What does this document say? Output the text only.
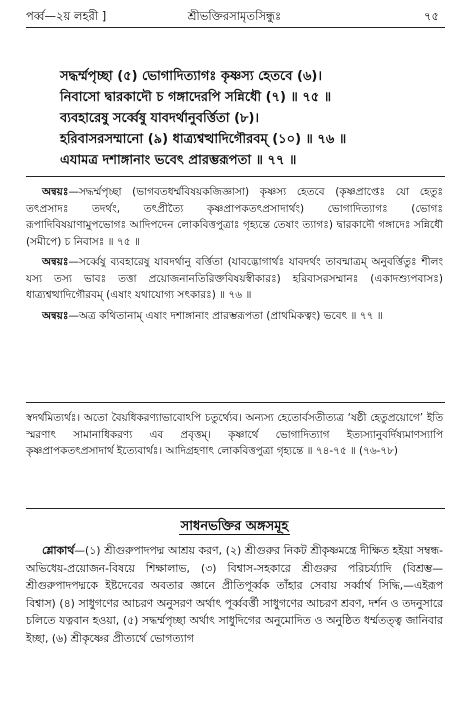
পর্ব্ব—২য় লহরী ]	শ্রীভক্তিরসামৃতসিন্ধুঃ	৭৫
সদ্ধর্ম্মপৃচ্ছা (৫) ভোগাদিত্যাগঃ কৃষ্ণস্য হেতবে (৬)।
নিবাসো দ্বারকাদৌ চ গঙ্গাদেরপি সন্নিধৌ (৭) ॥ ৭৫ ॥
ব্যবহারেষু সর্ব্বেষু যাবদর্থানুবর্ত্তিতা (৮)।
হরিবাসরসম্মানো (৯) ধাত্র্যশ্বত্থাদিগৌরবম্ (১০) ॥ ৭৬ ॥
এযামত্র দশাঙ্গানাং ভবেৎ প্রারম্ভরূপতা ॥ ৭৭ ॥

অন্বয়ঃ—সদ্ধর্ম্মপৃচ্ছা (ভাগবতধর্ম্মবিষয়কজিজ্ঞাসা) কৃষ্ণস্য হেতবে (কৃষ্ণপ্রাপ্তেঃ যো হেতুঃ তৎপ্রসাদঃ তদর্থং, তৎপ্রীত্যৈ কৃষ্ণপ্রাপকতৎপ্রসাদার্থং) ভোগাদিত্যাগঃ (ভোগঃ রূপাদিবিষয়াণামুপভোগঃ আদিপদেন লোকবিত্তপুত্রাঃ গৃহ্যন্তে তেষাং ত্যাগঃ) দ্বারকাদৌ গঙ্গাদেঃ সন্নিধৌ (সমীপে) চ নিবাসঃ ॥ ৭৫ ॥

অন্বয়ঃ—সর্ব্বেষু ব্যবহারেষু যাবদর্থানু বর্ত্তিতা (যাবদ্ভোগার্থঃ যাবদর্থং তাবন্মাত্রম্ অনুবর্ত্তিতুঃ শীলং যস্য তস্য ভাবঃ তত্তা প্রয়োজনানতিরিক্তবিষয়স্বীকারঃ) হরিবাসরসম্মানঃ (একাদশ্যুপবাসঃ) ধাত্র্যশ্বত্থাদিগৌরবম্ (এষাং যথাযোগ্য সৎকারঃ) ॥ ৭৬ ॥

অন্বয়ঃ—অত্র কথিতানাম্ এষাং দশাঙ্গানাং প্রারম্ভরূপতা (প্রাথমিকত্বং) ভবেৎ ॥ ৭৭ ॥

স্বদর্থমিত্যর্থঃ। অতো বৈয়ধিকরণ্যাভাবোঽপি চতুর্থ্যেব। অন্যস্য হেতোর্বসতীত্যত্র ‘ষষ্ঠী হেতুপ্রয়োগে’ ইতি স্মরণাৎ সামানাধিকরণ্য এব প্রবৃত্তম্। কৃষ্ণার্থে ভোগাদিত্যাগ ইত্যস্যানুবৰ্দিষ্যমাণস্যাপি কৃষ্ণপ্রাপকতৎপ্রসাদার্থ ইত্যেবার্থঃ। আদিগ্রহণাৎ লোকবিত্তপুত্রা গৃহ্যন্তে ॥ ৭৪-৭৫ ॥ (৭৬-৭৮)

সাধনভক্তির অঙ্গসমূহ
শ্লোকার্থ—(১) শ্রীগুরুপাদপদ্ম আশ্রয় করণ, (২) শ্রীগুরুর নিকট শ্রীকৃষ্ণমন্ত্রে দীক্ষিত হইয়া সম্বন্ধ-অভিধেয়-প্রয়োজন-বিষয়ে শিক্ষালাভ, (৩) বিশ্বাস-সহকারে শ্রীগুরুর পরিচর্য্যাদি (বিশ্রম্ভ—শ্রীগুরুপাদপদ্মকে ইষ্টদেবের অবতার জ্ঞানে প্রীতিপূর্ব্বক তাঁহার সেবায় সর্ব্বার্থ সিদ্ধি,—এইরূপ বিশ্বাস) (৪) সাধুগণের আচরণ অনুসরণ অর্থাৎ পূর্ব্ববর্ত্তী সাধুগণের আচরণ শ্রবণ, দর্শন ও তদনুসারে চলিতে যত্নবান হওয়া, (৫) সদ্ধর্ম্মপৃচ্ছা অর্থাৎ সাধুদিগের অনুমোদিত ও অনুষ্ঠিত ধর্ম্মতত্ত্ব জানিবার ইচ্ছা, (৬) শ্রীকৃষ্ণের প্রীত্যর্থে ভোগত্যাগ
